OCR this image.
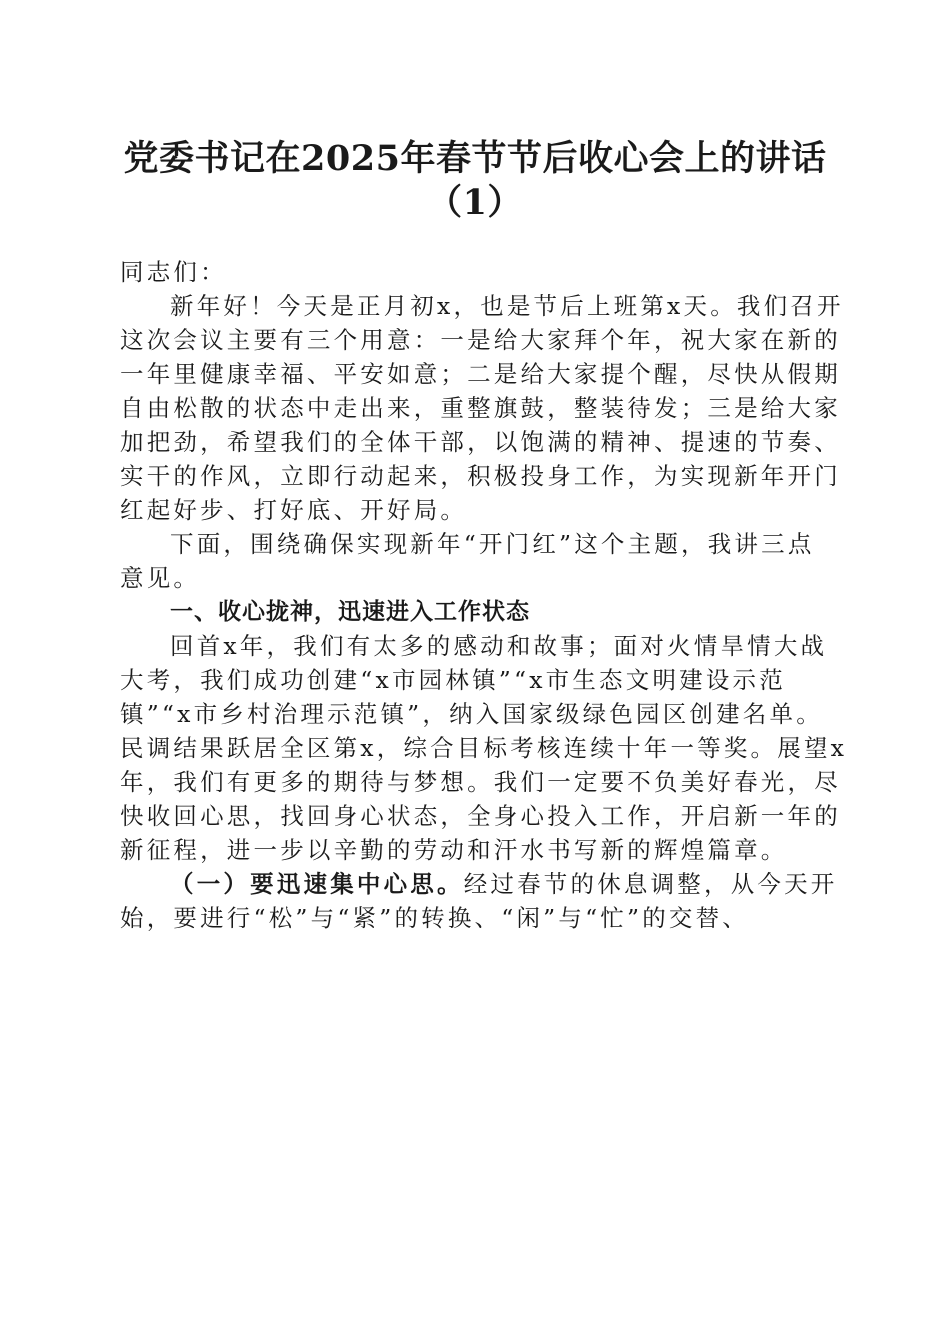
党委书记在2025年春节节后收心会上的讲话
（1）
同志们：
新年好！今天是正月初x，也是节后上班第x天。我们召开
这次会议主要有三个用意：一是给大家拜个年，祝大家在新的
一年里健康幸福、平安如意；二是给大家提个醒，尽快从假期
自由松散的状态中走出来，重整旗鼓，整装待发；三是给大家
加把劲，希望我们的全体干部，以饱满的精神、提速的节奏、
实干的作风，立即行动起来，积极投身工作，为实现新年开门
红起好步、打好底、开好局。
下面，围绕确保实现新年“开门红”这个主题，我讲三点
意见。
一、收心拢神，迅速进入工作状态
回首x年，我们有太多的感动和故事；面对火情旱情大战
大考，我们成功创建“x市园林镇”“x市生态文明建设示范
镇”“x市乡村治理示范镇”，纳入国家级绿色园区创建名单。
民调结果跃居全区第x，综合目标考核连续十年一等奖。展望x
年，我们有更多的期待与梦想。我们一定要不负美好春光，尽
快收回心思，找回身心状态，全身心投入工作，开启新一年的
新征程，进一步以辛勤的劳动和汗水书写新的辉煌篇章。
（一）要迅速集中心思。经过春节的休息调整，从今天开
始，要进行“松”与“紧”的转换、“闲”与“忙”的交替、
